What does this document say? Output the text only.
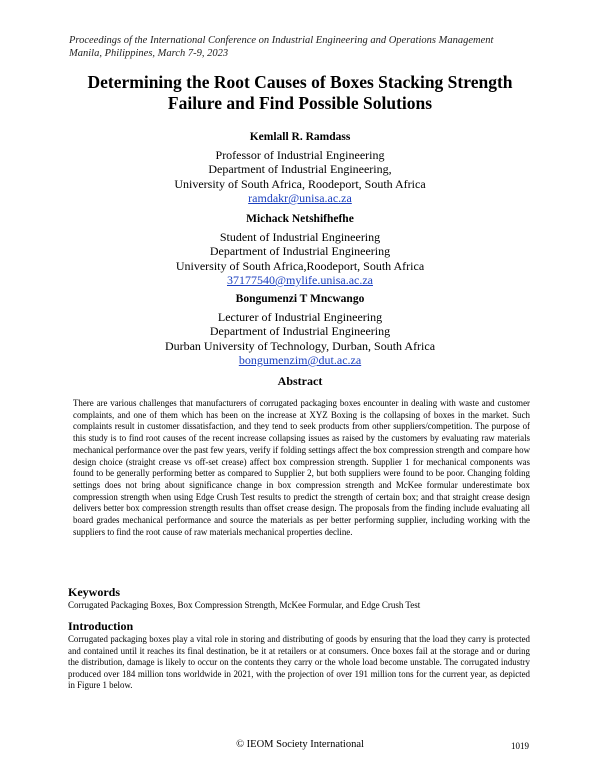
Proceedings of the International Conference on Industrial Engineering and Operations Management
Manila, Philippines, March 7-9, 2023
Determining the Root Causes of Boxes Stacking Strength
Failure and Find Possible Solutions
Kemlall R. Ramdass
Professor of Industrial Engineering
Department of Industrial Engineering,
University of South Africa, Roodeport, South Africa
ramdakr@unisa.ac.za
Michack Netshifhefhe
Student of Industrial Engineering
Department of Industrial Engineering
University of South Africa,Roodeport, South Africa
37177540@mylife.unisa.ac.za
Bongumenzi T Mncwango
Lecturer of Industrial Engineering
Department of Industrial Engineering
Durban University of Technology, Durban, South Africa
bongumenzim@dut.ac.za
Abstract
There are various challenges that manufacturers of corrugated packaging boxes encounter in dealing with waste and customer complaints, and one of them which has been on the increase at XYZ Boxing is the collapsing of boxes in the market. Such complaints result in customer dissatisfaction, and they tend to seek products from other suppliers/competition. The purpose of this study is to find root causes of the recent increase collapsing issues as raised by the customers by evaluating raw materials mechanical performance over the past few years, verify if folding settings affect the box compression strength and compare how design choice (straight crease vs off-set crease) affect box compression strength. Supplier 1 for mechanical components was found to be generally performing better as compared to Supplier 2, but both suppliers were found to be poor. Changing folding settings does not bring about significance change in box compression strength and McKee formular underestimate box compression strength when using Edge Crush Test results to predict the strength of certain box; and that straight crease design delivers better box compression strength results than offset crease design. The proposals from the finding include evaluating all board grades mechanical performance and source the materials as per better performing supplier, including working with the suppliers to find the root cause of raw materials mechanical properties decline.
Keywords
Corrugated Packaging Boxes, Box Compression Strength, McKee Formular, and Edge Crush Test
Introduction
Corrugated packaging boxes play a vital role in storing and distributing of goods by ensuring that the load they carry is protected and contained until it reaches its final destination, be it at retailers or at consumers. Once boxes fail at the storage and or during the distribution, damage is likely to occur on the contents they carry or the whole load become unstable. The corrugated industry produced over 184 million tons worldwide in 2021, with the projection of over 191 million tons for the current year, as depicted in Figure 1 below.
© IEOM Society International	1019
